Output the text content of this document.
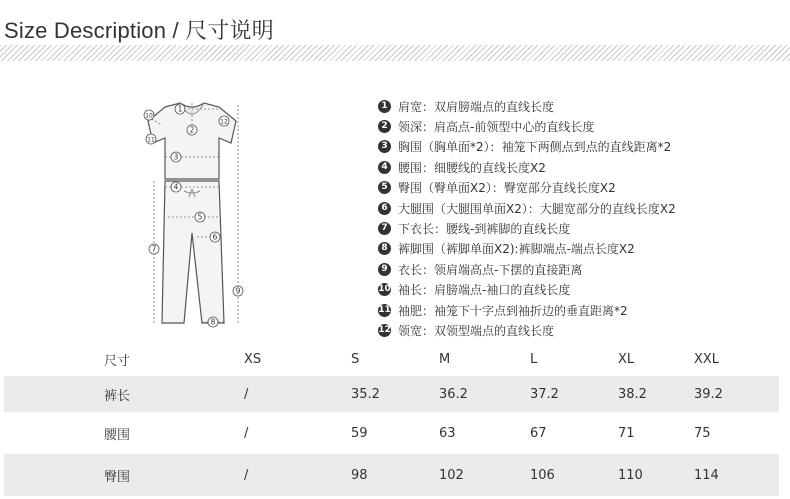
Size Description / 尺寸说明
1
2
3
4
5
6
7
8
9
10
11
12
1 肩宽：双肩膀端点的直线长度
2 领深：肩高点-前领型中心的直线长度
3 胸围（胸单面*2）：袖笼下两侧点到点的直线距离*2
4 腰围：细腰线的直线长度X2
5 臀围（臀单面X2）：臀宽部分直线长度X2
6 大腿围（大腿围单面X2）：大腿宽部分的直线长度X2
7 下衣长：腰线-到裤脚的直线长度
8 裤脚围（裤脚单面X2):裤脚端点-端点长度X2
9 衣长：领肩端高点-下摆的直接距离
10 袖长：肩膀端点-袖口的直线长度
11 袖肥：袖笼下十字点到袖折边的垂直距离*2
12 领宽：双领型端点的直线长度
尺寸	XS	S	M	L	XL	XXL
裤长	/	35.2	36.2	37.2	38.2	39.2
腰围	/	59	63	67	71	75
臀围	/	98	102	106	110	114
